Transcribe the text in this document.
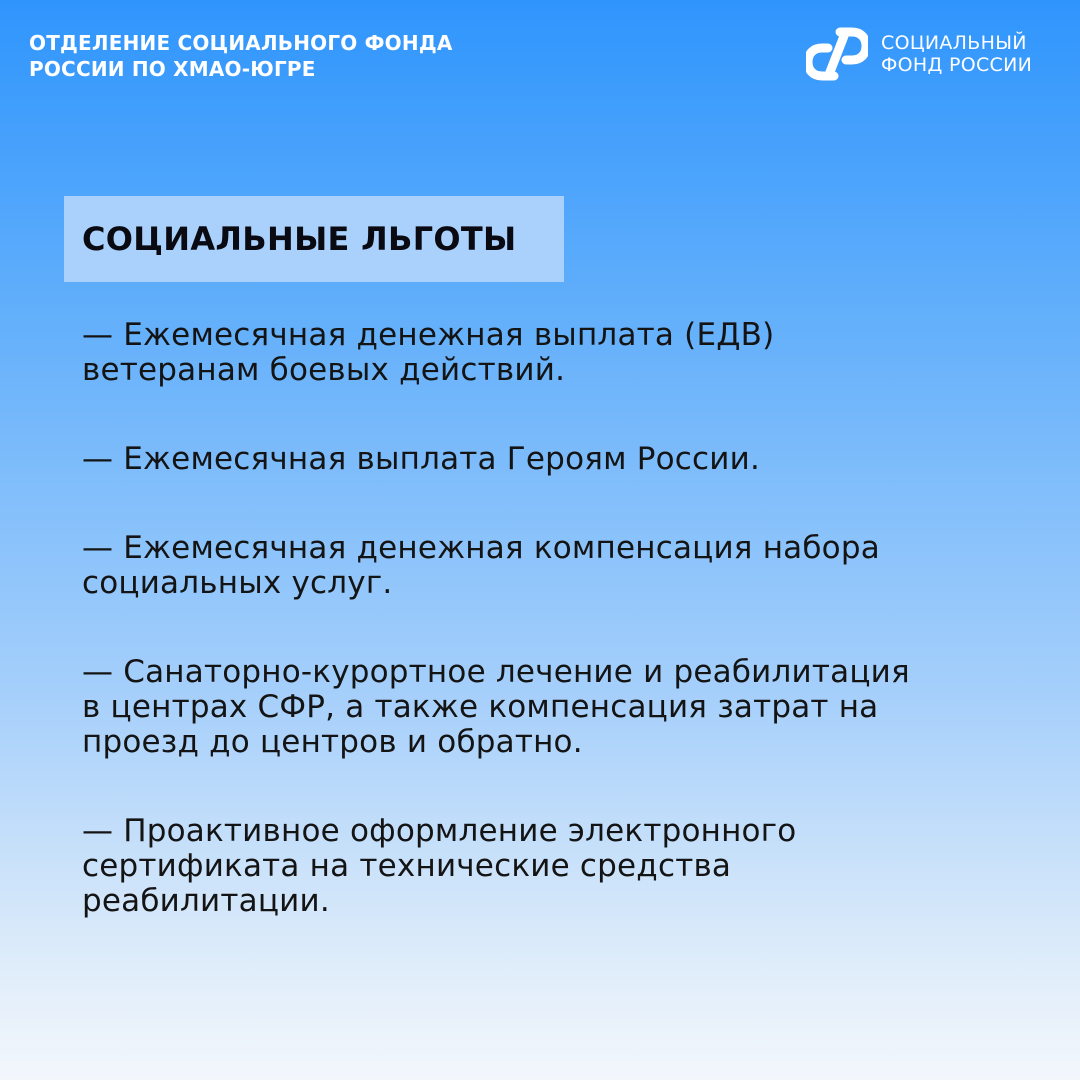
ОТДЕЛЕНИЕ СОЦИАЛЬНОГО ФОНДА
РОССИИ ПО ХМАО-ЮГРЕ
СОЦИАЛЬНЫЙ
ФОНД РОССИИ
СОЦИАЛЬНЫЕ ЛЬГОТЫ
— Ежемесячная денежная выплата (ЕДВ)
ветеранам боевых действий.
— Ежемесячная выплата Героям России.
— Ежемесячная денежная компенсация набора
социальных услуг.
— Санаторно-курортное лечение и реабилитация
в центрах СФР, а также компенсация затрат на
проезд до центров и обратно.
— Проактивное оформление электронного
сертификата на технические средства
реабилитации.
